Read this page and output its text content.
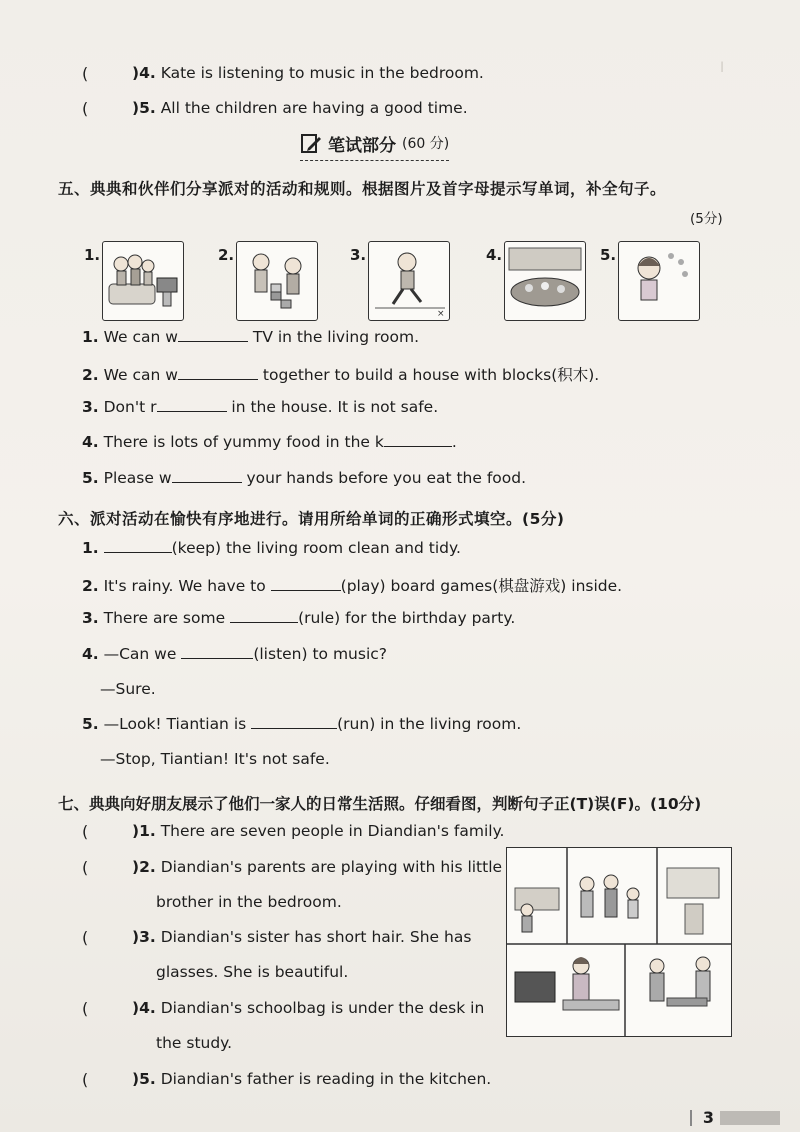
I
(	)4. Kate is listening to music in the bedroom.
(	)5. All the children are having a good time.
笔试部分 (60 分)
五、典典和伙伴们分享派对的活动和规则。根据图片及首字母提示写单词，补全句子。
(5分)
1.	2.	3.
×
4.	5.
1. We can w	TV in the living room.
2. We can w	together to build a house with blocks(积木).
3. Don't r	in the house. It is not safe.
4. There is lots of yummy food in the k	.
5. Please w	your hands before you eat the food.
六、派对活动在愉快有序地进行。请用所给单词的正确形式填空。(5分)
1.	(keep) the living room clean and tidy.
2. It's rainy. We have to	(play) board games(棋盘游戏) inside.
3. There are some	(rule) for the birthday party.
4. —Can we	(listen) to music?
—Sure.
5. —Look! Tiantian is	(run) in the living room.
—Stop, Tiantian! It's not safe.
七、典典向好朋友展示了他们一家人的日常生活照。仔细看图，判断句子正(T)误(F)。(10分)
(	)1. There are seven people in Diandian's family.
(	)2. Diandian's parents are playing with his little
brother in the bedroom.
(	)3. Diandian's sister has short hair. She has
glasses. She is beautiful.
(	)4. Diandian's schoolbag is under the desk in
the study.
(	)5. Diandian's father is reading in the kitchen.
3
